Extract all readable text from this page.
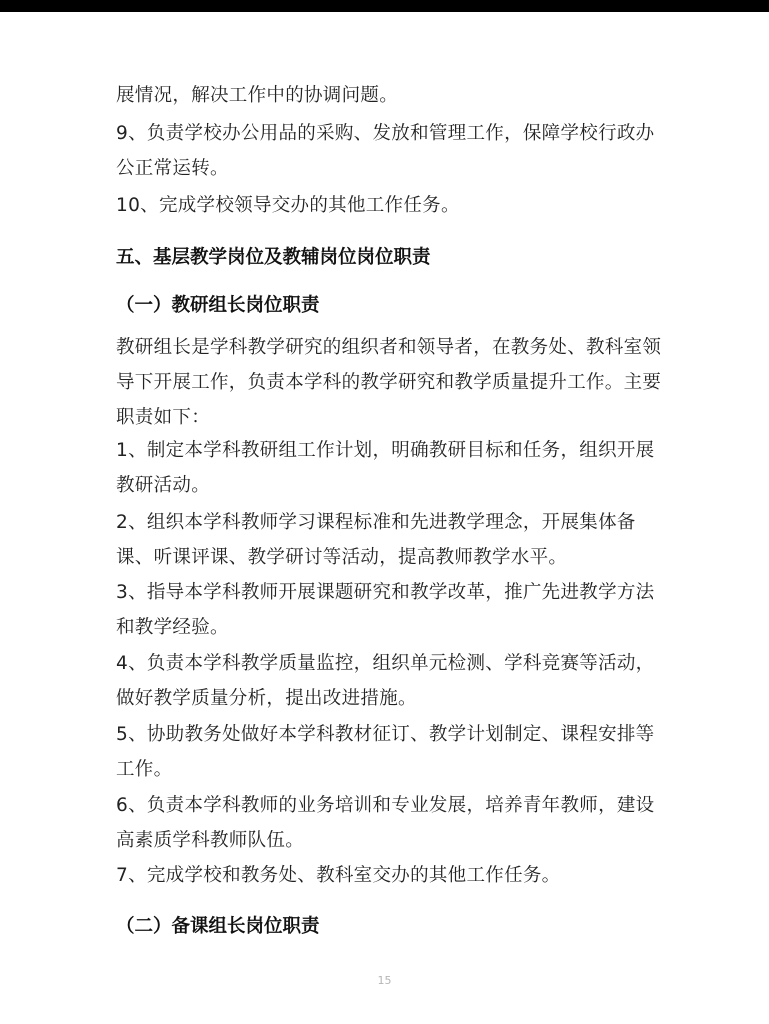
展情况，解决工作中的协调问题。

9、负责学校办公用品的采购、发放和管理工作，保障学校行政办公正常运转。

10、完成学校领导交办的其他工作任务。

五、基层教学岗位及教辅岗位岗位职责
（一）教研组长岗位职责

教研组长是学科教学研究的组织者和领导者，在教务处、教科室领导下开展工作，负责本学科的教学研究和教学质量提升工作。主要职责如下：

1、制定本学科教研组工作计划，明确教研目标和任务，组织开展教研活动。

2、组织本学科教师学习课程标准和先进教学理念，开展集体备课、听课评课、教学研讨等活动，提高教师教学水平。

3、指导本学科教师开展课题研究和教学改革，推广先进教学方法和教学经验。

4、负责本学科教学质量监控，组织单元检测、学科竞赛等活动，做好教学质量分析，提出改进措施。

5、协助教务处做好本学科教材征订、教学计划制定、课程安排等工作。

6、负责本学科教师的业务培训和专业发展，培养青年教师，建设高素质学科教师队伍。

7、完成学校和教务处、教科室交办的其他工作任务。

（二）备课组长岗位职责
15
